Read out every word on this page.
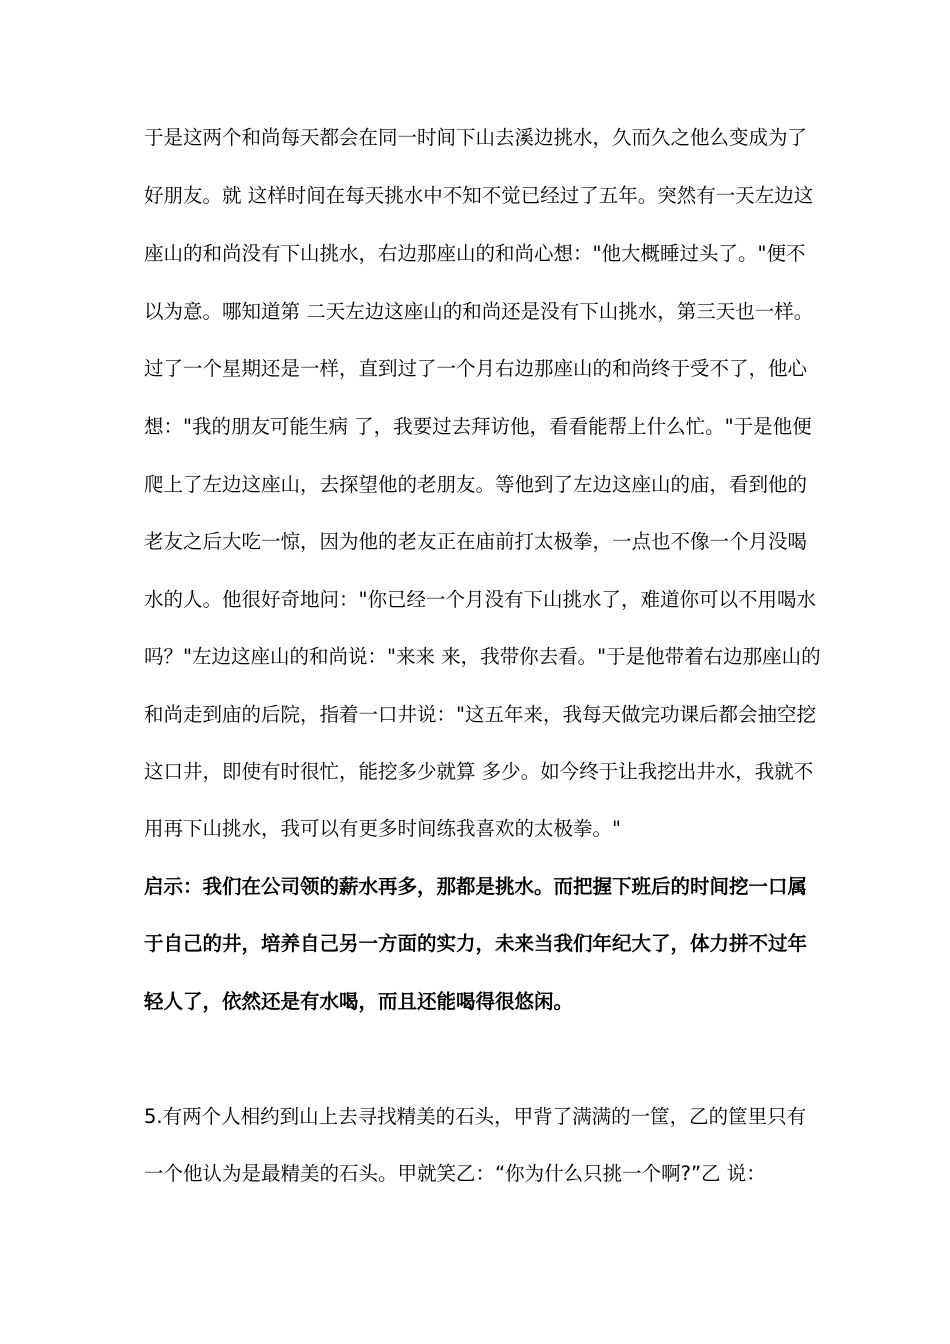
于是这两个和尚每天都会在同一时间下山去溪边挑水，久而久之他么变成为了
好朋友。就 这样时间在每天挑水中不知不觉已经过了五年。突然有一天左边这
座山的和尚没有下山挑水，右边那座山的和尚心想："他大概睡过头了。"便不
以为意。哪知道第 二天左边这座山的和尚还是没有下山挑水，第三天也一样。
过了一个星期还是一样，直到过了一个月右边那座山的和尚终于受不了，他心
想："我的朋友可能生病 了，我要过去拜访他，看看能帮上什么忙。"于是他便
爬上了左边这座山，去探望他的老朋友。等他到了左边这座山的庙，看到他的
老友之后大吃一惊，因为他的老友正在庙前打太极拳，一点也不像一个月没喝
水的人。他很好奇地问："你已经一个月没有下山挑水了，难道你可以不用喝水
吗？"左边这座山的和尚说："来来 来，我带你去看。"于是他带着右边那座山的
和尚走到庙的后院，指着一口井说："这五年来，我每天做完功课后都会抽空挖
这口井，即使有时很忙，能挖多少就算 多少。如今终于让我挖出井水，我就不
用再下山挑水，我可以有更多时间练我喜欢的太极拳。"
启示：我们在公司领的薪水再多，那都是挑水。而把握下班后的时间挖一口属
于自己的井，培养自己另一方面的实力，未来当我们年纪大了，体力拼不过年
轻人了，依然还是有水喝，而且还能喝得很悠闲。
5.有两个人相约到山上去寻找精美的石头，甲背了满满的一筐，乙的筐里只有
一个他认为是最精美的石头。甲就笑乙：“你为什么只挑一个啊?”乙 说：
